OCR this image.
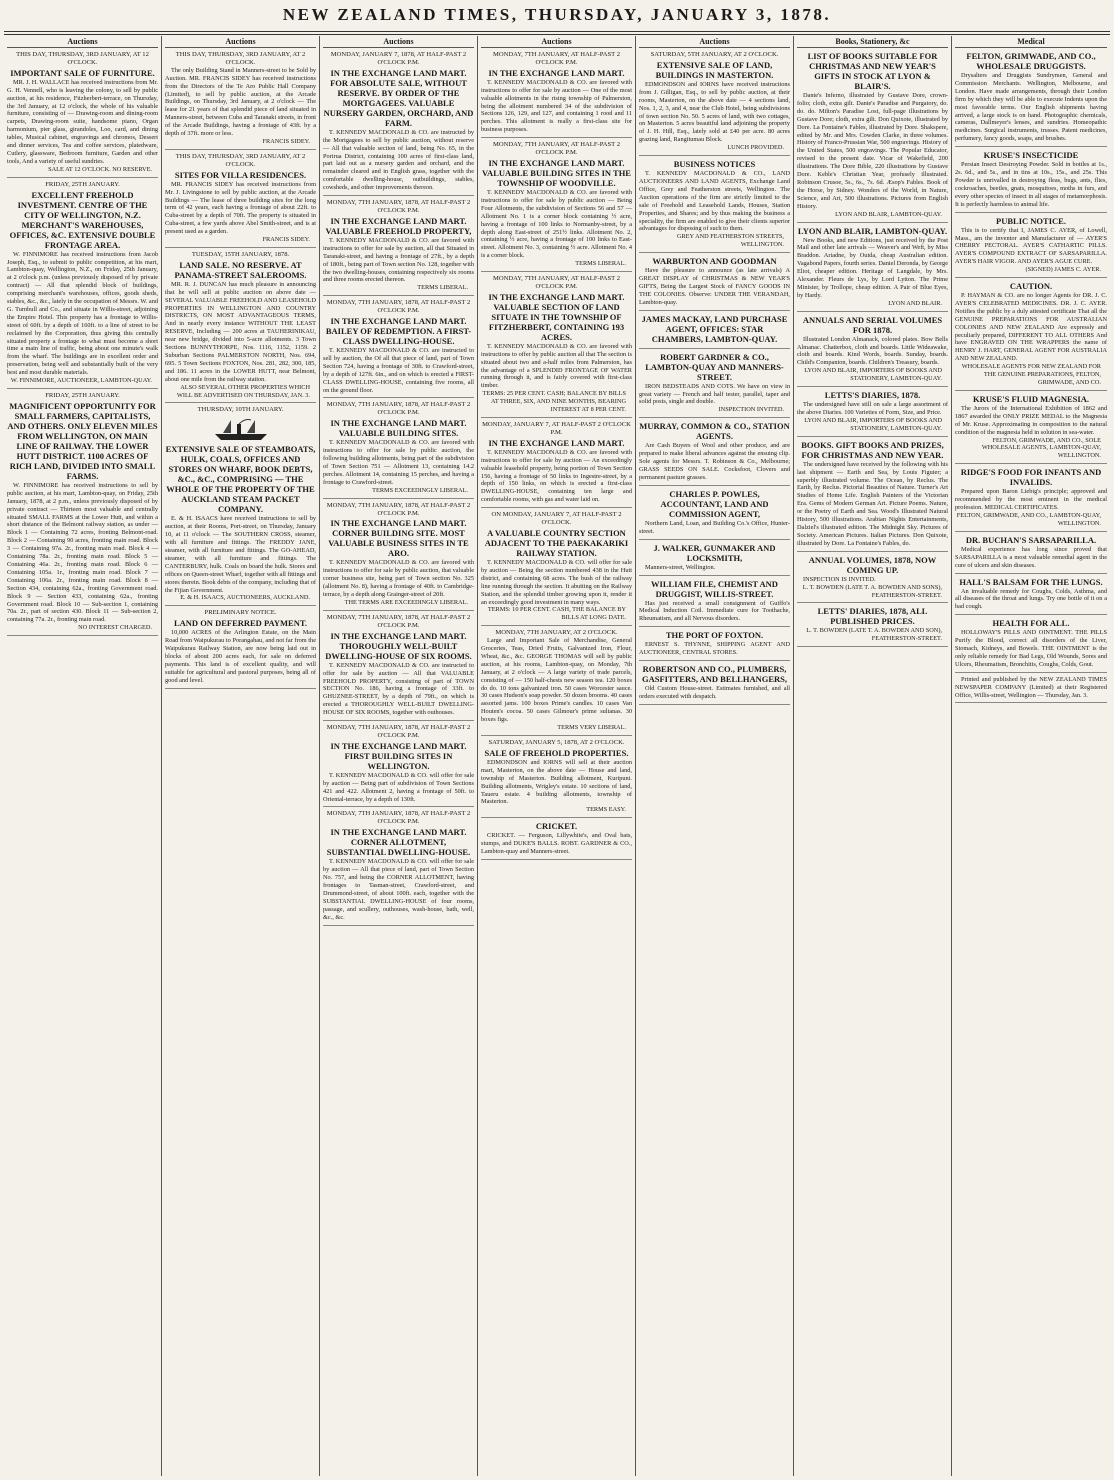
NEW ZEALAND TIMES, THURSDAY, JANUARY 3, 1878.
Auctions

THIS DAY, THURSDAY, 3RD JANUARY, AT 12 O'CLOCK.

IMPORTANT SALE OF FURNITURE.

MR. J. H. WALLACE has received instructions from Mr. G. H. Vennell, who is leaving the colony, to sell by public auction, at his residence, Fitzherbert-terrace, on Thursday, the 3rd January, at 12 o'clock, the whole of his valuable furniture, consisting of — Drawing-room and dining-room carpets, Drawing-room suite, handsome piano, Organ harmonium, pier glass, girandoles, Loo, card, and dining tables, Musical cabinet, engravings and chromos, Dessert and dinner services, Tea and coffee services, platedware, Cutlery, glassware, Bedroom furniture, Garden and other tools, And a variety of useful sundries.

SALE AT 12 O'CLOCK. NO RESERVE.

FRIDAY, 25TH JANUARY.

EXCELLENT FREEHOLD INVESTMENT. CENTRE OF THE CITY OF WELLINGTON, N.Z. MERCHANT'S WAREHOUSES, OFFICES, &C. EXTENSIVE DOUBLE FRONTAGE AREA.

W. FINNIMORE has received instructions from Jacob Joseph, Esq., to submit to public competition, at his mart, Lambton-quay, Wellington, N.Z., on Friday, 25th January, at 2 o'clock p.m. (unless previously disposed of by private contract) — All that splendid block of buildings, comprising merchant's warehouses, offices, goods sheds, stables, &c., &c., lately in the occupation of Messrs. W. and G. Turnbull and Co., and situate in Willis-street, adjoining the Empire Hotel. This property has a frontage to Willis-street of 60ft. by a depth of 160ft. to a line of street to be reclaimed by the Corporation, thus giving this centrally situated property a frontage to what must become a short time a main line of traffic, being about one minute's walk from the wharf. The buildings are in excellent order and preservation, being well and substantially built of the very best and most durable materials.

W. FINNIMORE, AUCTIONEER, LAMBTON-QUAY.

FRIDAY, 25TH JANUARY.

MAGNIFICENT OPPORTUNITY FOR SMALL FARMERS, CAPITALISTS, AND OTHERS. ONLY ELEVEN MILES FROM WELLINGTON, ON MAIN LINE OF RAILWAY. THE LOWER HUTT DISTRICT. 1100 ACRES OF RICH LAND, DIVIDED INTO SMALL FARMS.

W. FINNIMORE has received instructions to sell by public auction, at his mart, Lambton-quay, on Friday, 25th January, 1878, at 2 p.m., unless previously disposed of by private contract — Thirteen most valuable and centrally situated SMALL FARMS at the Lower Hutt, and within a short distance of the Belmont railway station, as under — Block 1 — Containing 72 acres, fronting Belmont-road. Block 2 — Containing 90 acres, fronting main road. Block 3 — Containing 97a. 2r., fronting main road. Block 4 — Containing 78a. 2r., fronting main road. Block 5 — Containing 46a. 2r., fronting main road. Block 6 — Containing 105a. 1r., fronting main road. Block 7 — Containing 106a. 2r., fronting main road. Block 8 — Section 434, containing 62a., fronting Government road. Block 9 — Section 433, containing 62a., fronting Government road. Block 10 — Sub-section 1, containing 70a. 2r., part of section 430. Block 11 — Sub-section 2, containing 77a. 2r., fronting main road.

NO INTEREST CHARGED.

Auctions

THIS DAY, THURSDAY, 3RD JANUARY, AT 2 O'CLOCK.

The only Building Stand in Manners-street to be Sold by Auction. MR. FRANCIS SIDEY has received instructions from the Directors of the Te Aro Public Hall Company (Limited), to sell by public auction, at the Arcade Buildings, on Thursday, 3rd January, at 2 o'clock — The lease for 21 years of that splendid piece of land situated in Manners-street, between Cuba and Taranaki streets, in front of the Arcade Buildings, having a frontage of 43ft. by a depth of 37ft. more or less.

FRANCIS SIDEY.

THIS DAY, THURSDAY, 3RD JANUARY, AT 2 O'CLOCK.

SITES FOR VILLA RESIDENCES.

MR. FRANCIS SIDEY has received instructions from Mr. J. Livingstone to sell by public auction, at the Arcade Buildings — The lease of three building sites for the long term of 42 years, each having a frontage of about 22ft. to Cuba-street by a depth of 70ft. The property is situated in Cuba-street, a few yards above Abel Smith-street, and is at present used as a garden.

FRANCIS SIDEY.

TUESDAY, 15TH JANUARY, 1878.

LAND SALE. NO RESERVE. AT PANAMA-STREET SALEROOMS.

MR. R. J. DUNCAN has much pleasure in announcing that he will sell at public auction on above date — SEVERAL VALUABLE FREEHOLD AND LEASEHOLD PROPERTIES IN WELLINGTON AND COUNTRY DISTRICTS, ON MOST ADVANTAGEOUS TERMS, And in nearly every instance WITHOUT THE LEAST RESERVE, Including — 200 acres at TAUHERINIKAU, near new bridge, divided into 5-acre allotments. 3 Town Sections BUNNYTHORPE, Nos. 1116, 1152, 1159. 2 Suburban Sections PALMERSTON NORTH, Nos. 694, 695. 5 Town Sections FOXTON, Nos. 281, 282, 300, 185, and 186. 11 acres in the LOWER HUTT, near Belmont, about one mile from the railway station.

ALSO SEVERAL OTHER PROPERTIES WHICH WILL BE ADVERTISED ON THURSDAY, JAN. 3.

THURSDAY, 10TH JANUARY.

EXTENSIVE SALE OF STEAMBOATS, HULK, COALS, OFFICES AND STORES ON WHARF, BOOK DEBTS, &C., &C., COMPRISING — THE WHOLE OF THE PROPERTY OF THE AUCKLAND STEAM PACKET COMPANY.

E. & H. ISAACS have received instructions to sell by auction, at their Rooms, Port-street, on Thursday, January 10, at 11 o'clock — The SOUTHERN CROSS, steamer, with all furniture and fittings. The FREDDY JANE, steamer, with all furniture and fittings. The GO-AHEAD, steamer, with all furniture and fittings. The CANTERBURY, hulk. Coals on board the hulk. Stores and offices on Queen-street Wharf, together with all fittings and stores therein. Book debts of the company, including that of the Fijian Government.

E. & H. ISAACS, AUCTIONEERS, AUCKLAND.

PRELIMINARY NOTICE.

LAND ON DEFERRED PAYMENT.

10,000 ACRES of the Arlington Estate, on the Main Road from Waipukurau to Porangahau, and not far from the Waipukurau Railway Station, are now being laid out in blocks of about 200 acres each, for sale on deferred payments. This land is of excellent quality, and will suitable for agricultural and pastoral purposes, being all of good and level.

Auctions

MONDAY, JANUARY 7, 1878, AT HALF-PAST 2 O'CLOCK P.M.

IN THE EXCHANGE LAND MART. FOR ABSOLUTE SALE, WITHOUT RESERVE. BY ORDER OF THE MORTGAGEES. VALUABLE NURSERY GARDEN, ORCHARD, AND FARM.

T. KENNEDY MACDONALD & CO. are instructed by the Mortgagees to sell by public auction, without reserve — All that valuable section of land, being No. 65, in the Porirua District, containing 100 acres of first-class land, part laid out as a nursery garden and orchard, and the remainder cleared and in English grass, together with the comfortable dwelling-house, outbuildings, stables, cowsheds, and other improvements thereon.

MONDAY, 7TH JANUARY, 1878, AT HALF-PAST 2 O'CLOCK P.M.

IN THE EXCHANGE LAND MART. VALUABLE FREEHOLD PROPERTY,

T. KENNEDY MACDONALD & CO. are favored with instructions to offer for sale by auction, all that Situated in Taranaki-street, and having a frontage of 27ft., by a depth of 180ft., being part of Town section No. 128, together with the two dwelling-houses, containing respectively six rooms and three rooms erected thereon.

TERMS LIBERAL.

MONDAY, 7TH JANUARY, 1878, AT HALF-PAST 2 O'CLOCK P.M.

IN THE EXCHANGE LAND MART. BAILEY OF REDEMPTION. A FIRST-CLASS DWELLING-HOUSE.

T. KENNEDY MACDONALD & CO. are instructed to sell by auction, the Of all that piece of land, part of Town Section 724, having a frontage of 30ft. to Crawford-street, by a depth of 127ft. 6in., and on which is erected a FIRST-CLASS DWELLING-HOUSE, containing five rooms, all on the ground floor.

MONDAY, 7TH JANUARY, 1878, AT HALF-PAST 2 O'CLOCK P.M.

IN THE EXCHANGE LAND MART. VALUABLE BUILDING SITES.

T. KENNEDY MACDONALD & CO. are favored with instructions to offer for sale by public auction, the following building allotments, being part of the subdivision of Town Section 751 — Allotment 13, containing 14.2 perches. Allotment 14, containing 15 perches, and having a frontage to Crawford-street.

TERMS EXCEEDINGLY LIBERAL.

MONDAY, 7TH JANUARY, 1878, AT HALF-PAST 2 O'CLOCK P.M.

IN THE EXCHANGE LAND MART. CORNER BUILDING SITE. MOST VALUABLE BUSINESS SITES IN TE ARO.

T. KENNEDY MACDONALD & CO. are favored with instructions to offer for sale by public auction, that valuable corner business site, being part of Town section No. 325 (allotment No. 8), having a frontage of 40ft. to Cambridge-terrace, by a depth along Grainger-street of 20ft.

THE TERMS ARE EXCEEDINGLY LIBERAL.

MONDAY, 7TH JANUARY, 1878, AT HALF-PAST 2 O'CLOCK P.M.

IN THE EXCHANGE LAND MART. THOROUGHLY WELL-BUILT DWELLING-HOUSE OF SIX ROOMS.

T. KENNEDY MACDONALD & CO. are instructed to offer for sale by auction — All that VALUABLE FREEHOLD PROPERTY, consisting of part of TOWN SECTION No. 186, having a frontage of 33ft. to GHUZNEE-STREET, by a depth of 79ft., on which is erected a THOROUGHLY WELL-BUILT DWELLING-HOUSE OF SIX ROOMS, together with outhouses.

MONDAY, 7TH JANUARY, 1878, AT HALF-PAST 2 O'CLOCK P.M.

IN THE EXCHANGE LAND MART. FIRST BUILDING SITES IN WELLINGTON.

T. KENNEDY MACDONALD & CO. will offer for sale by auction — Being part of subdivision of Town Sections 421 and 422. Allotment 2, having a frontage of 50ft. to Oriental-terrace, by a depth of 130ft.

MONDAY, 7TH JANUARY, 1878, AT HALF-PAST 2 O'CLOCK P.M.

IN THE EXCHANGE LAND MART. CORNER ALLOTMENT, SUBSTANTIAL DWELLING-HOUSE.

T. KENNEDY MACDONALD & CO. will offer for sale by auction — All that piece of land, part of Town Section No. 757, and being the CORNER ALLOTMENT, having frontages to Tasman-street, Crawford-street, and Drummond-street, of about 100ft. each, together with the SUBSTANTIAL DWELLING-HOUSE of four rooms, passage, and scullery, outhouses, wash-house, bath, well, &c., &c.

Auctions

MONDAY, 7TH JANUARY, AT HALF-PAST 2 O'CLOCK P.M.

IN THE EXCHANGE LAND MART.

T. KENNEDY MACDONALD & CO. are favored with instructions to offer for sale by auction — One of the most valuable allotments in the rising township of Palmerston, being the allotment numbered 34 of the subdivision of Sections 126, 129, and 127, and containing 1 rood and 11 perches. This allotment is really a first-class site for business purposes.

MONDAY, 7TH JANUARY, AT HALF-PAST 2 O'CLOCK P.M.

IN THE EXCHANGE LAND MART. VALUABLE BUILDING SITES IN THE TOWNSHIP OF WOODVILLE.

T. KENNEDY MACDONALD & CO. are favored with instructions to offer for sale by public auction — Being Four Allotments, the subdivision of Sections 56 and 57 — Allotment No. 1 is a corner block containing ½ acre, having a frontage of 100 links to Normanby-street, by a depth along East-street of 251½ links. Allotment No. 2, containing ½ acre, having a frontage of 100 links to East-street. Allotment No. 3, containing ½ acre. Allotment No. 4 is a corner block.

TERMS LIBERAL.

MONDAY, 7TH JANUARY, AT HALF-PAST 2 O'CLOCK P.M.

IN THE EXCHANGE LAND MART. VALUABLE SECTION OF LAND SITUATE IN THE TOWNSHIP OF FITZHERBERT, CONTAINING 193 ACRES.

T. KENNEDY MACDONALD & CO. are favored with instructions to offer by public auction all that The section is situated about two and a-half miles from Palmerston, has the advantage of a SPLENDID FRONTAGE OF WATER running through it, and is fairly covered with first-class timber.

TERMS: 25 PER CENT. CASH; BALANCE BY BILLS AT THREE, SIX, AND NINE MONTHS, BEARING INTEREST AT 8 PER CENT.

MONDAY, JANUARY 7, AT HALF-PAST 2 O'CLOCK P.M.

IN THE EXCHANGE LAND MART.

T. KENNEDY MACDONALD & CO. are favored with instructions to offer for sale by auction — An exceedingly valuable leasehold property, being portion of Town Section 156, having a frontage of 50 links to Ingestre-street, by a depth of 150 links, on which is erected a first-class DWELLING-HOUSE, containing ten large and comfortable rooms, with gas and water laid on.

ON MONDAY, JANUARY 7, AT HALF-PAST 2 O'CLOCK.

A VALUABLE COUNTRY SECTION ADJACENT TO THE PAEKAKARIKI RAILWAY STATION.

T. KENNEDY MACDONALD & CO. will offer for sale by auction — Being the section numbered 438 in the Hutt district, and containing 68 acres. The bush of the railway line running through the section. It abutting on the Railway Station, and the splendid timber growing upon it, render it an exceedingly good investment in many ways.

TERMS: 10 PER CENT. CASH, THE BALANCE BY BILLS AT LONG DATE.

MONDAY, 7TH JANUARY, AT 2 O'CLOCK.

Large and Important Sale of Merchandise, General Groceries, Teas, Dried Fruits, Galvanized Iron, Flour, Wheat, &c., &c. GEORGE THOMAS will sell by public auction, at his rooms, Lambton-quay, on Monday, 7th January, at 2 o'clock — A large variety of trade parcels, consisting of — 150 half-chests new season tea. 120 boxes do do. 10 tons galvanized iron. 50 cases Worcester sauce. 30 cases Hudson's soap powder. 50 dozen brooms. 40 cases assorted jams. 100 boxes Prime's candles. 10 cases Van Houten's cocoa. 50 cases Gilmour's prime sultanas. 30 boxes figs.

TERMS VERY LIBERAL.

SATURDAY, JANUARY 5, 1878, AT 2 O'CLOCK.

SALE OF FREEHOLD PROPERTIES.

EDMONDSON and IORNS will sell at their auction mart, Masterton, on the above date — House and land, township of Masterton. Building allotment, Kuripuni. Building allotments, Wrigley's estate. 10 sections of land, Taueru estate. 4 building allotments, township of Masterton.

TERMS EASY.

CRICKET.

CRICKET. — Ferguson, Lillywhite's, and Oval bats, stumps, and DUKE'S BALLS. ROBT. GARDNER & CO., Lambton-quay and Manners-street.

Auctions

SATURDAY, 5TH JANUARY, AT 2 O'CLOCK.

EXTENSIVE SALE OF LAND, BUILDINGS IN MASTERTON.

EDMONDSON and IORNS have received instructions from J. Gilligan, Esq., to sell by public auction, at their rooms, Masterton, on the above date — 4 sections land, Nos. 1, 2, 3, and 4, near the Club Hotel, being subdivisions of town section No. 50. 5 acres of land, with two cottages, on Masterton. 5 acres beautiful land adjoining the property of J. H. Hill, Esq., lately sold at £40 per acre. 80 acres grazing land, Rangitumau Block.

LUNCH PROVIDED.

BUSINESS NOTICES

T. KENNEDY MACDONALD & CO., LAND AUCTIONEERS AND LAND AGENTS, Exchange Land Office, Grey and Featherston streets, Wellington. The Auction operations of the firm are strictly limited to the sale of Freehold and Leasehold Lands, Houses, Station Properties, and Shares; and by thus making the business a speciality, the firm are enabled to give their clients superior advantages for disposing of such to them.

GREY AND FEATHERSTON STREETS, WELLINGTON.

WARBURTON AND GOODMAN

Have the pleasure to announce (as late arrivals) A GREAT DISPLAY of CHRISTMAS & NEW YEAR'S GIFTS, Being the Largest Stock of FANCY GOODS IN THE COLONIES. Observe: UNDER THE VERANDAH, Lambton-quay.

JAMES MACKAY, LAND PURCHASE AGENT, OFFICES: STAR CHAMBERS, LAMBTON-QUAY.

ROBERT GARDNER & CO., LAMBTON-QUAY AND MANNERS-STREET.

IRON BEDSTEADS AND COTS. We have on view in great variety — French and half tester, parallel, taper and solid posts, single and double.

INSPECTION INVITED.

MURRAY, COMMON & CO., STATION AGENTS.

Are Cash Buyers of Wool and other produce, and are prepared to make liberal advances against the ensuing clip. Sole agents for Messrs. T. Robinson & Co., Melbourne; GRASS SEEDS ON SALE. Cocksfoot, Clovers and permanent pasture grasses.

CHARLES P. POWLES, ACCOUNTANT, LAND AND COMMISSION AGENT,

Northern Land, Loan, and Building Co.'s Office, Hunter-street.

J. WALKER, GUNMAKER AND LOCKSMITH,

Manners-street, Wellington.

WILLIAM FILE, CHEMIST AND DRUGGIST, WILLIS-STREET.

Has just received a small consignment of Guiffo's Medical Induction Coil. Immediate cure for Toothache, Rheumatism, and all Nervous disorders.

THE PORT OF FOXTON.

ERNEST S. THYNNE, SHIPPING AGENT AND AUCTIONEER, CENTRAL STORES.

ROBERTSON AND CO., PLUMBERS, GASFITTERS, AND BELLHANGERS,

Old Custom House-street. Estimates furnished, and all orders executed with despatch.

Books, Stationery, &c

LIST OF BOOKS SUITABLE FOR CHRISTMAS AND NEW YEAR'S GIFTS IN STOCK AT LYON & BLAIR'S.

Dante's Inferno, illustrated by Gustave Dore, crown-folio; cloth, extra gilt. Dante's Paradise and Purgatory, do. do. do. Milton's Paradise Lost, full-page illustrations by Gustave Dore; cloth, extra gilt. Don Quixote, illustrated by Dore. La Fontaine's Fables, illustrated by Dore. Shakspere, edited by Mr. and Mrs. Cowden Clarke, in three volumes. History of Franco-Prussian War, 500 engravings. History of the United States, 500 engravings. The Popular Educator, revised to the present date. Vicar of Wakefield, 200 illustrations. The Dore Bible, 220 illustrations by Gustave Dore. Keble's Christian Year, profusely illustrated. Robinson Crusoe, 5s., 6s., 7s. 6d. Æsop's Fables. Book of the Horse, by Sidney. Wonders of the World, in Nature, Science, and Art, 500 illustrations. Pictures from English History.

LYON AND BLAIR, LAMBTON-QUAY.

LYON AND BLAIR, LAMBTON-QUAY.

New Books, and new Editions, just received by the Post Mail and other late arrivals — Weaver's and Weft, by Miss Braddon. Ariadne, by Ouida, cheap Australian edition. Vagabond Papers, fourth series. Daniel Deronda, by George Eliot, cheaper edition. Heritage of Langdale, by Mrs. Alexander. Fleurs de Lys, by Lord Lytton. The Prime Minister, by Trollope, cheap edition. A Pair of Blue Eyes, by Hardy.

LYON AND BLAIR.

ANNUALS AND SERIAL VOLUMES FOR 1878.

Illustrated London Almanack, colored plates. Bow Bells Almanac. Chatterbox, cloth and boards. Little Wideawake, cloth and boards. Kind Words, boards. Sunday, boards. Child's Companion, boards. Children's Treasury, boards.

LYON AND BLAIR, IMPORTERS OF BOOKS AND STATIONERY, LAMBTON-QUAY.

LETTS'S DIARIES, 1878.

The undersigned have still on sale a large assortment of the above Diaries. 100 Varieties of Form, Size, and Price.

LYON AND BLAIR, IMPORTERS OF BOOKS AND STATIONERY, LAMBTON-QUAY.

BOOKS. GIFT BOOKS AND PRIZES, FOR CHRISTMAS AND NEW YEAR.

The undersigned have received by the following with his last shipment — Earth and Sea, by Louis Figuier; a superbly illustrated volume. The Ocean, by Reclus. The Earth, by Reclus. Pictorial Beauties of Nature. Turner's Art Studies of Home Life. English Painters of the Victorian Era. Gems of Modern German Art. Picture Poems. Nature, or the Poetry of Earth and Sea. Wood's Illustrated Natural History, 500 illustrations. Arabian Nights Entertainments, Dalziel's illustrated edition. The Midnight Sky. Pictures of Society. American Pictures. Italian Pictures. Don Quixote, illustrated by Dore. La Fontaine's Fables, do.

ANNUAL VOLUMES, 1878, NOW COMING UP.

INSPECTION IS INVITED.

L. T. BOWDEN (LATE T. A. BOWDEN AND SONS), FEATHERSTON-STREET.

LETTS' DIARIES, 1878, ALL PUBLISHED PRICES.

L. T. BOWDEN (LATE T. A. BOWDEN AND SON), FEATHERSTON-STREET.

Medical

FELTON, GRIMWADE, AND CO., WHOLESALE DRUGGISTS.

Drysalters and Druggists Sundrymen, General and Commission Merchants. Wellington, Melbourne, and London. Have made arrangements, through their London firm by which they will be able to execute Indents upon the most favorable terms. Our English shipments having arrived, a large stock is on hand. Photographic chemicals, cameras, Dallmeyer's lenses, and sundries. Homeopathic medicines. Surgical instruments, trusses. Patent medicines, perfumery, fancy goods, soaps, and brushes.

KRUSE'S INSECTICIDE

Persian Insect Destroying Powder. Sold in bottles at 1s., 2s. 6d., and 5s., and in tins at 10s., 15s., and 25s. This Powder is unrivalled in destroying fleas, bugs, ants, flies, cockroaches, beetles, gnats, mosquitoes, moths in furs, and every other species of insect in all stages of metamorphosis. It is perfectly harmless to animal life.

PUBLIC NOTICE.

This is to certify that I, JAMES C. AYER, of Lowell, Mass., am the inventor and Manufacturer of — AYER'S CHERRY PECTORAL. AYER'S CATHARTIC PILLS. AYER'S COMPOUND EXTRACT OF SARSAPARILLA. AYER'S HAIR VIGOR. AND AYER'S AGUE CURE.

(SIGNED) JAMES C. AYER.

CAUTION.

P. HAYMAN & CO. are no longer Agents for DR. J. C. AYER'S CELEBRATED MEDICINES. DR. J. C. AYER. Notifies the public by a duly attested certificate That all the GENUINE PREPARATIONS FOR AUSTRALIAN COLONIES AND NEW ZEALAND Are expressly and peculiarly prepared, DIFFERENT TO ALL OTHERS And have ENGRAVED ON THE WRAPPERS the name of HENRY J. HART, GENERAL AGENT FOR AUSTRALIA AND NEW ZEALAND.

WHOLESALE AGENTS FOR NEW ZEALAND FOR THE GENUINE PREPARATIONS, FELTON, GRIMWADE, AND CO.

KRUSE'S FLUID MAGNESIA.

The Jurors of the International Exhibition of 1862 and 1867 awarded the ONLY PRIZE MEDAL to the Magnesia of Mr. Kruse. Approximating in composition to the natural condition of the magnesia held in solution in sea-water.

FELTON, GRIMWADE, AND CO., SOLE WHOLESALE AGENTS, LAMBTON-QUAY, WELLINGTON.

RIDGE'S FOOD FOR INFANTS AND INVALIDS.

Prepared upon Baron Liebig's principle; approved and recommended by the most eminent in the medical profession. MEDICAL CERTIFICATES.

FELTON, GRIMWADE, AND CO., LAMBTON-QUAY, WELLINGTON.

DR. BUCHAN'S SARSAPARILLA.

Medical experience has long since proved that SARSAPARILLA is a most valuable remedial agent in the cure of ulcers and skin diseases.

HALL'S BALSAM FOR THE LUNGS.

An invaluable remedy for Coughs, Colds, Asthma, and all diseases of the throat and lungs. Try one bottle of it on a bad cough.

HEALTH FOR ALL.

HOLLOWAY'S PILLS AND OINTMENT. THE PILLS Purify the Blood, correct all disorders of the Liver, Stomach, Kidneys, and Bowels. THE OINTMENT is the only reliable remedy for Bad Legs, Old Wounds, Sores and Ulcers, Rheumatism, Bronchitis, Coughs, Colds, Gout.

Printed and published by the NEW ZEALAND TIMES NEWSPAPER COMPANY (Limited) at their Registered Office, Willis-street, Wellington — Thursday, Jan. 3.
